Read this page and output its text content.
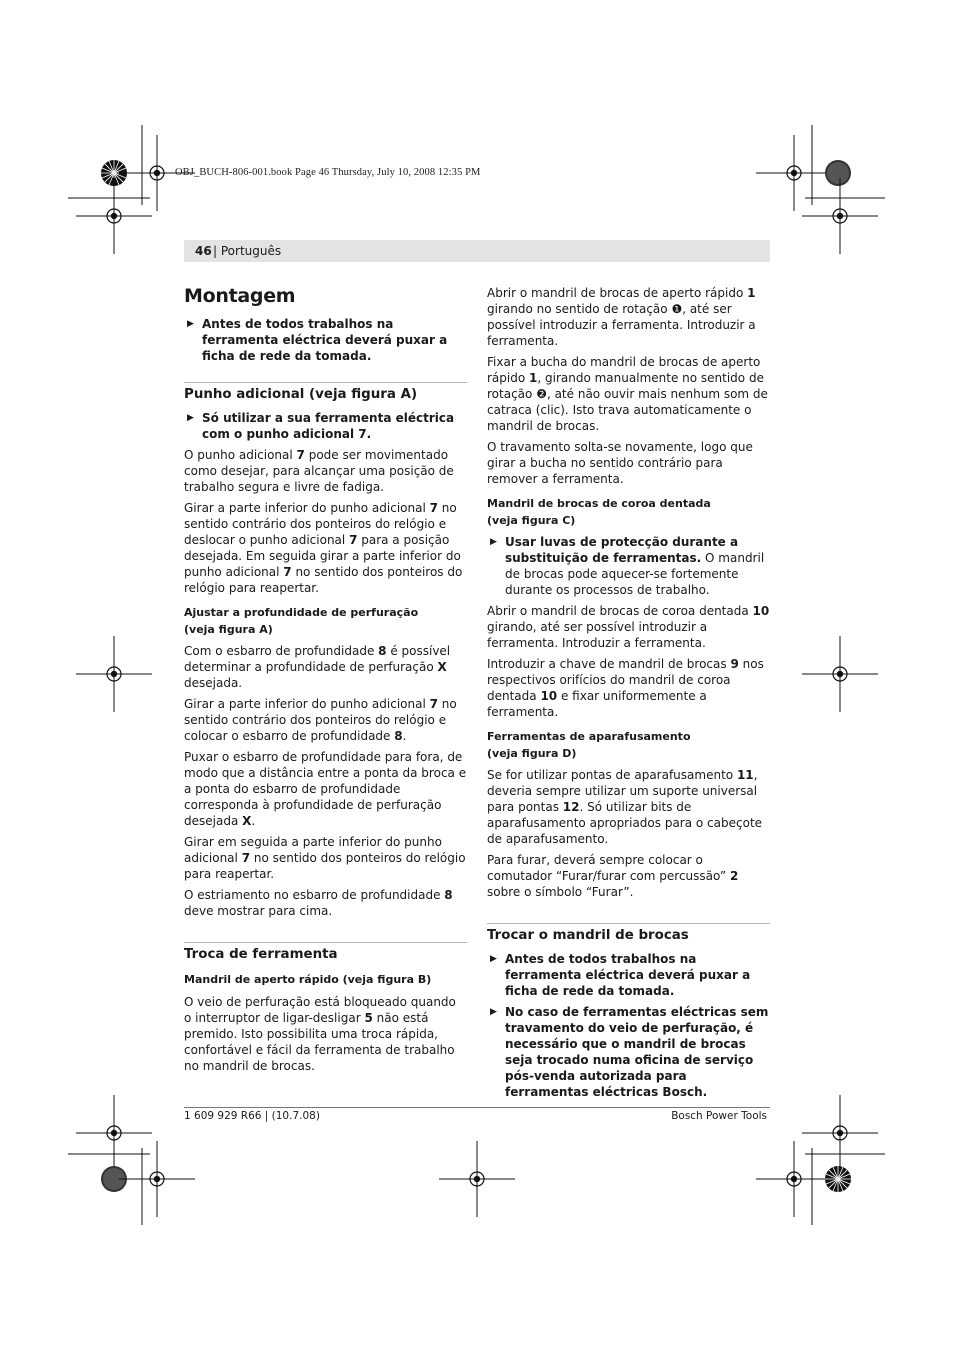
OBJ_BUCH-806-001.book Page 46 Thursday, July 10, 2008 12:35 PM
46 | Português
Montagem
▶ Antes de todos trabalhos na ferramenta eléctrica deverá puxar a ficha de rede da tomada.
Punho adicional (veja figura A)
▶ Só utilizar a sua ferramenta eléctrica com o punho adicional 7.

O punho adicional 7 pode ser movimentado como desejar, para alcançar uma posição de trabalho segura e livre de fadiga.

Girar a parte inferior do punho adicional 7 no sentido contrário dos ponteiros do relógio e deslocar o punho adicional 7 para a posição desejada. Em seguida girar a parte inferior do punho adicional 7 no sentido dos ponteiros do relógio para reapertar.

Ajustar a profundidade de perfuração
(veja figura A)

Com o esbarro de profundidade 8 é possível determinar a profundidade de perfuração X desejada.

Girar a parte inferior do punho adicional 7 no sentido contrário dos ponteiros do relógio e colocar o esbarro de profundidade 8.

Puxar o esbarro de profundidade para fora, de modo que a distância entre a ponta da broca e a ponta do esbarro de profundidade corresponda à profundidade de perfuração desejada X.

Girar em seguida a parte inferior do punho adicional 7 no sentido dos ponteiros do relógio para reapertar.

O estriamento no esbarro de profundidade 8 deve mostrar para cima.

Troca de ferramenta
Mandril de aperto rápido (veja figura B)

O veio de perfuração está bloqueado quando o interruptor de ligar-desligar 5 não está premido. Isto possibilita uma troca rápida, confortável e fácil da ferramenta de trabalho no mandril de brocas.

Abrir o mandril de brocas de aperto rápido 1 girando no sentido de rotação ❶, até ser possível introduzir a ferramenta. Introduzir a ferramenta.

Fixar a bucha do mandril de brocas de aperto rápido 1, girando manualmente no sentido de rotação ❷, até não ouvir mais nenhum som de catraca (clic). Isto trava automaticamente o mandril de brocas.

O travamento solta-se novamente, logo que girar a bucha no sentido contrário para remover a ferramenta.

Mandril de brocas de coroa dentada
(veja figura C)
▶ Usar luvas de protecção durante a substituição de ferramentas. O mandril de brocas pode aquecer-se fortemente durante os processos de trabalho.

Abrir o mandril de brocas de coroa dentada 10 girando, até ser possível introduzir a ferramenta. Introduzir a ferramenta.

Introduzir a chave de mandril de brocas 9 nos respectivos orifícios do mandril de coroa dentada 10 e fixar uniformemente a ferramenta.

Ferramentas de aparafusamento
(veja figura D)

Se for utilizar pontas de aparafusamento 11, deveria sempre utilizar um suporte universal para pontas 12. Só utilizar bits de aparafusamento apropriados para o cabeçote de aparafusamento.

Para furar, deverá sempre colocar o comutador “Furar/furar com percussão” 2 sobre o símbolo “Furar”.

Trocar o mandril de brocas
▶ Antes de todos trabalhos na ferramenta eléctrica deverá puxar a ficha de rede da tomada.
▶ No caso de ferramentas eléctricas sem travamento do veio de perfuração, é necessário que o mandril de brocas seja trocado numa oficina de serviço pós-venda autorizada para ferramentas eléctricas Bosch.
1 609 929 R66 | (10.7.08)	Bosch Power Tools
